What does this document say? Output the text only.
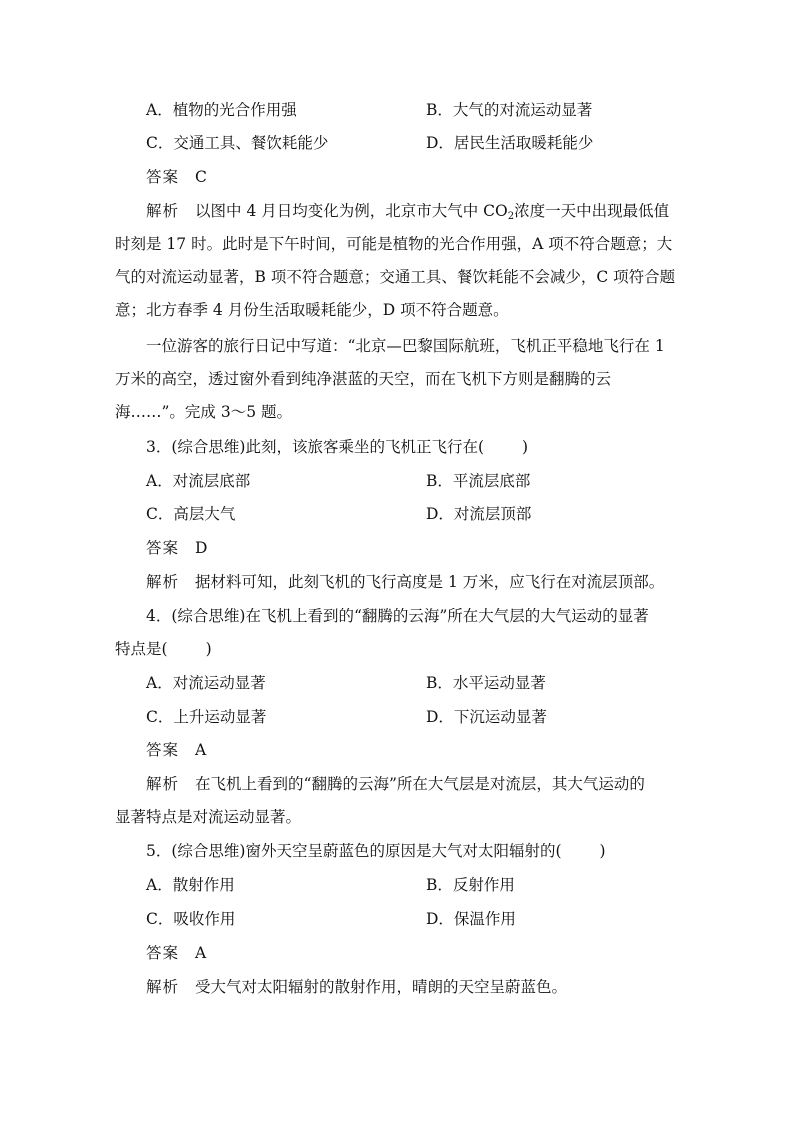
A．植物的光合作用强	B．大气的对流运动显著
C．交通工具、餐饮耗能少	D．居民生活取暖耗能少
答案 C
解析 以图中 4 月日均变化为例，北京市大气中 $CO_2$浓度一天中出现最低值
时刻是 17 时。此时是下午时间，可能是植物的光合作用强，A 项不符合题意；大
气的对流运动显著，B 项不符合题意；交通工具、餐饮耗能不会减少，C 项符合题
意；北方春季 4 月份生活取暖耗能少，D 项不符合题意。
一位游客的旅行日记中写道：“北京—巴黎国际航班，飞机正平稳地飞行在 1
万米的高空，透过窗外看到纯净湛蓝的天空，而在飞机下方则是翻腾的云
海……”。完成 3～5 题。
3．(综合思维)此刻，该旅客乘坐的飞机正飞行在( )
A．对流层底部	B．平流层底部
C．高层大气	D．对流层顶部
答案 D
解析 据材料可知，此刻飞机的飞行高度是 1 万米，应飞行在对流层顶部。
4．(综合思维)在飞机上看到的“翻腾的云海”所在大气层的大气运动的显著
特点是( )
A．对流运动显著	B．水平运动显著
C．上升运动显著	D．下沉运动显著
答案 A
解析 在飞机上看到的“翻腾的云海”所在大气层是对流层，其大气运动的
显著特点是对流运动显著。
5．(综合思维)窗外天空呈蔚蓝色的原因是大气对太阳辐射的( )
A．散射作用	B．反射作用
C．吸收作用	D．保温作用
答案 A
解析 受大气对太阳辐射的散射作用，晴朗的天空呈蔚蓝色。
